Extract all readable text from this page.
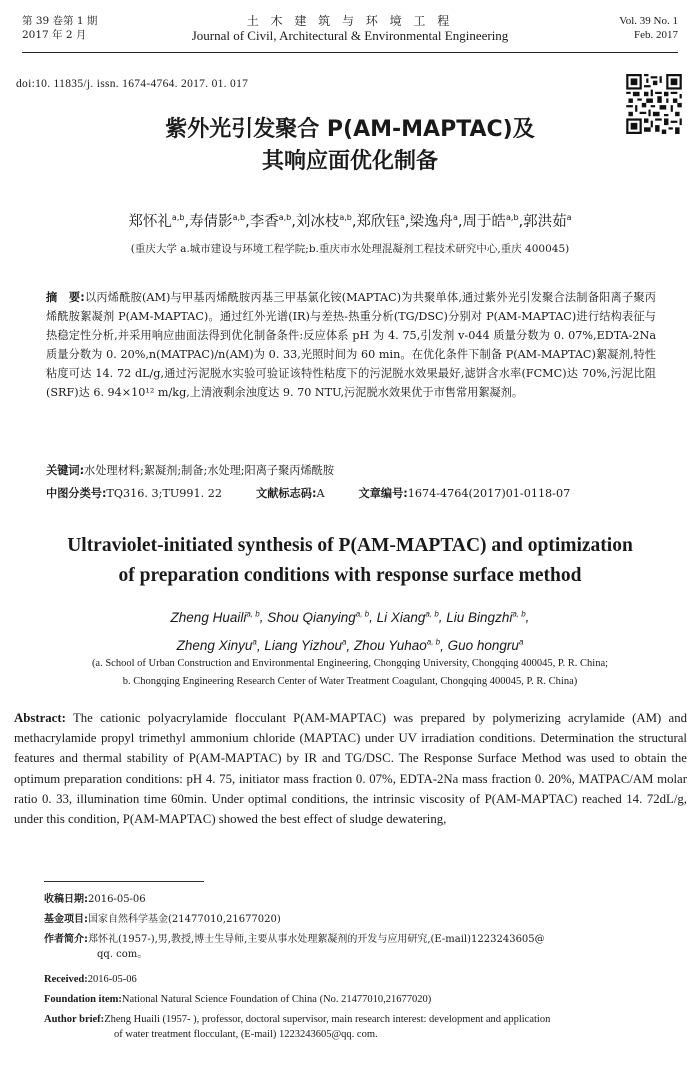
第 39 卷第 1 期
2017 年 2 月
土 木 建 筑 与 环 境 工 程
Journal of Civil, Architectural & Environmental Engineering
Vol. 39 No. 1
Feb. 2017
doi:10. 11835/j. issn. 1674-4764. 2017. 01. 017
紫外光引发聚合 P(AM-MAPTAC)及
其响应面优化制备
郑怀礼$^{a,b}$,寿倩影$^{a,b}$,李香$^{a,b}$,刘冰枝$^{a,b}$,郑欣钰$^a$,梁逸舟$^a$,周于皓$^{a,b}$,郭洪茹$^a$
(重庆大学 a.城市建设与环境工程学院;b.重庆市水处理混凝剂工程技术研究中心,重庆 400045)
摘　要:以丙烯酰胺(AM)与甲基丙烯酰胺丙基三甲基氯化铵(MAPTAC)为共聚单体,通过紫外光引发聚合法制备阳离子聚丙烯酰胺絮凝剂 P(AM-MAPTAC)。通过红外光谱(IR)与差热-热重分析(TG/DSC)分别对 P(AM-MAPTAC)进行结构表征与热稳定性分析,并采用响应曲面法得到优化制备条件:反应体系 pH 为 4. 75,引发剂 v-044 质量分数为 0. 07%,EDTA-2Na 质量分数为 0. 20%,n(MATPAC)/n(AM)为 0. 33,光照时间为 60 min。在优化条件下制备 P(AM-MAPTAC)絮凝剂,特性粘度可达 14. 72 dL/g,通过污泥脱水实验可验证该特性粘度下的污泥脱水效果最好,滤饼含水率(FCMC)达 70%,污泥比阻(SRF)达 6. 94×10¹² m/kg,上清液剩余浊度达 9. 70 NTU,污泥脱水效果优于市售常用絮凝剂。
关键词:水处理材料;絮凝剂;制备;水处理;阳离子聚丙烯酰胺
中图分类号:TQ316. 3;TU991. 22	文献标志码:A	文章编号:1674-4764(2017)01-0118-07
Ultraviolet-initiated synthesis of P(AM-MAPTAC) and optimization
of preparation conditions with response surface method
Zheng Huaili$^{a, b}$, Shou Qianying$^{a, b}$, Li Xiang$^{a, b}$, Liu Bingzhi$^{a, b}$,
Zheng Xinyu$^a$, Liang Yizhou$^a$, Zhou Yuhao$^{a, b}$, Guo hongru$^a$
(a. School of Urban Construction and Environmental Engineering, Chongqing University, Chongqing 400045, P. R. China;
b. Chongqing Engineering Research Center of Water Treatment Coagulant, Chongqing 400045, P. R. China)
Abstract: The cationic polyacrylamide flocculant P(AM-MAPTAC) was prepared by polymerizing acrylamide (AM) and methacrylamide propyl trimethyl ammonium chloride (MAPTAC) under UV irradiation conditions. Determination the structural features and thermal stability of P(AM-MAPTAC) by IR and TG/DSC. The Response Surface Method was used to obtain the optimum preparation conditions: pH 4. 75, initiator mass fraction 0. 07%, EDTA-2Na mass fraction 0. 20%, MATPAC/AM molar ratio 0. 33, illumination time 60min. Under optimal conditions, the intrinsic viscosity of P(AM-MAPTAC) reached 14. 72dL/g, under this condition, P(AM-MAPTAC) showed the best effect of sludge dewatering,
收稿日期:2016-05-06
基金项目:国家自然科学基金(21477010,21677020)
作者简介:郑怀礼(1957-),男,教授,博士生导师,主要从事水处理絮凝剂的开发与应用研究,(E-mail)1223243605@
qq. com。
Received:2016-05-06
Foundation item:National Natural Science Foundation of China (No. 21477010,21677020)
Author brief:Zheng Huaili (1957- ), professor, doctoral supervisor, main research interest: development and application
of water treatment flocculant, (E-mail) 1223243605@qq. com.
